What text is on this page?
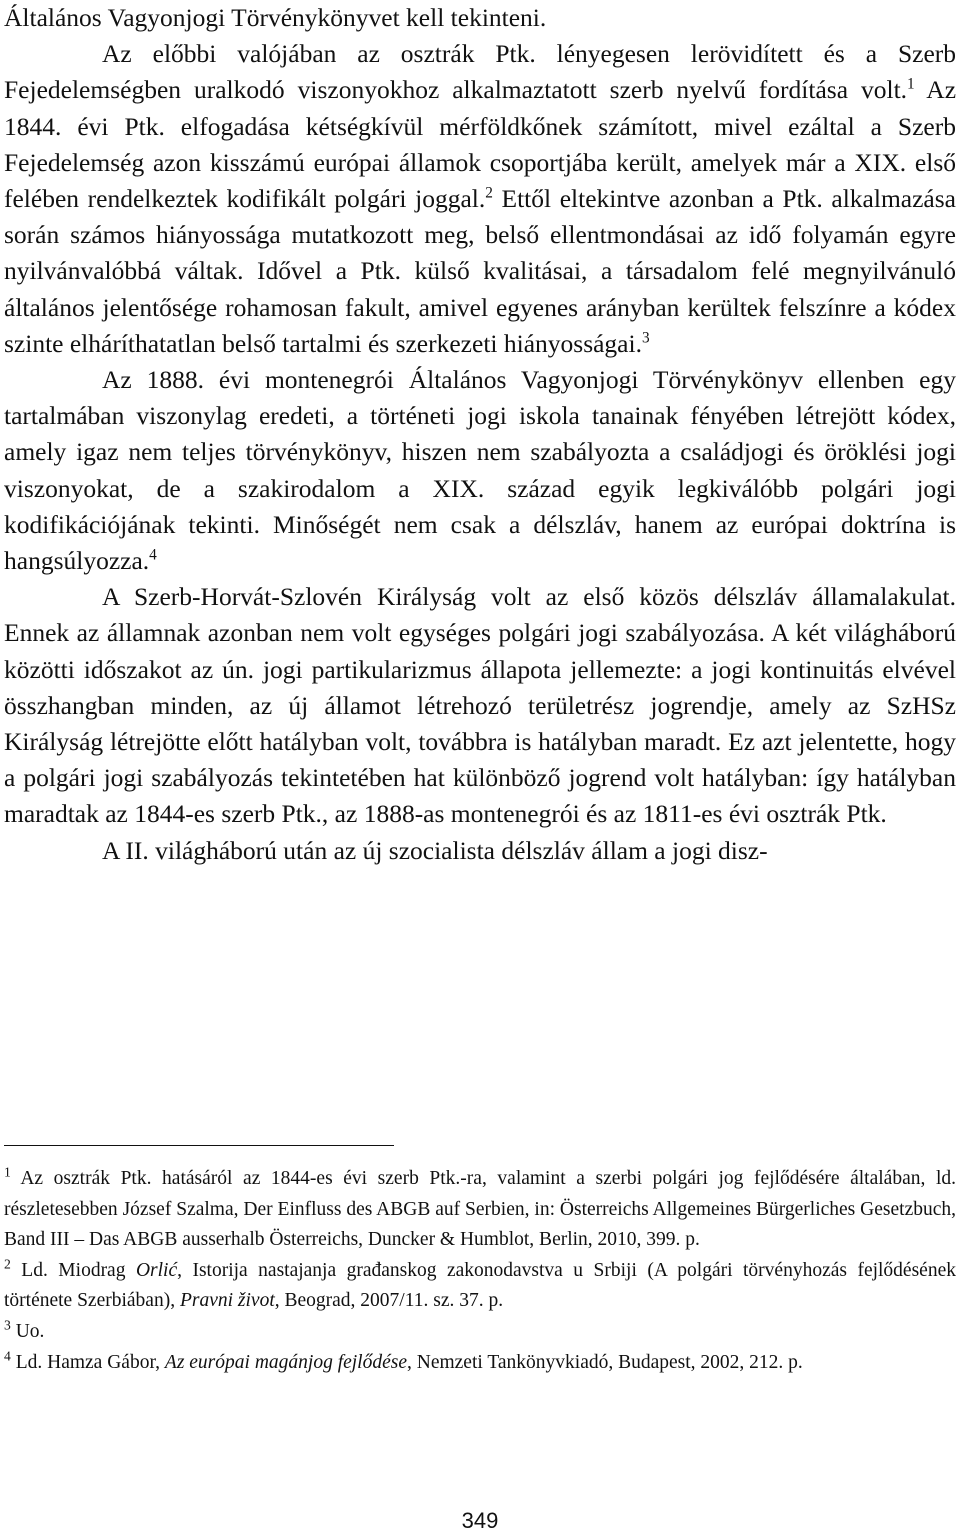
Általános Vagyonjogi Törvénykönyvet kell tekinteni.

Az előbbi valójában az osztrák Ptk. lényegesen lerövidített és a Szerb Fejedelemségben uralkodó viszonyokhoz alkalmaztatott szerb nyelvű fordítása volt.$^1$ Az 1844. évi Ptk. elfogadása kétségkívül mérföldkőnek számított, mivel ezáltal a Szerb Fejedelemség azon kisszámú európai államok csoportjába került, amelyek már a XIX. első felében rendelkeztek kodifikált polgári joggal.$^2$ Ettől eltekintve azonban a Ptk. alkalmazása során számos hiányossága mutatkozott meg, belső ellentmondásai az idő folyamán egyre nyilvánvalóbbá váltak. Idővel a Ptk. külső kvalitásai, a társadalom felé megnyilvánuló általános jelentősége rohamosan fakult, amivel egyenes arányban kerültek felszínre a kódex szinte elháríthatatlan belső tartalmi és szerkezeti hiányosságai.$^3$

Az 1888. évi montenegrói Általános Vagyonjogi Törvénykönyv ellenben egy tartalmában viszonylag eredeti, a történeti jogi iskola tanainak fényében létrejött kódex, amely igaz nem teljes törvénykönyv, hiszen nem szabályozta a családjogi és öröklési jogi viszonyokat, de a szakirodalom a XIX. század egyik legkiválóbb polgári jogi kodifikációjának tekinti. Minőségét nem csak a délszláv, hanem az európai doktrína is hangsúlyozza.$^4$

A Szerb-Horvát-Szlovén Királyság volt az első közös délszláv államalakulat. Ennek az államnak azonban nem volt egységes polgári jogi szabályozása. A két világháború közötti időszakot az ún. jogi partikularizmus állapota jellemezte: a jogi kontinuitás elvével összhangban minden, az új államot létrehozó területrész jogrendje, amely az SzHSz Királyság létrejötte előtt hatályban volt, továbbra is hatályban maradt. Ez azt jelentette, hogy a polgári jogi szabályozás tekintetében hat különböző jogrend volt hatályban: így hatályban maradtak az 1844-es szerb Ptk., az 1888-as montenegrói és az 1811-es évi osztrák Ptk.

A II. világháború után az új szocialista délszláv állam a jogi disz-

$^1$ Az osztrák Ptk. hatásáról az 1844-es évi szerb Ptk.-ra, valamint a szerbi polgári jog fejlődésére általában, ld. részletesebben József Szalma, Der Einfluss des ABGB auf Serbien, in: Österreichs Allgemeines Bürgerliches Gesetzbuch, Band III – Das ABGB ausserhalb Österreichs, Duncker & Humblot, Berlin, 2010, 399. p.

$^2$ Ld. Miodrag Orlić, Istorija nastajanja građanskog zakonodavstva u Srbiji (A polgári törvényhozás fejlődésének története Szerbiában), Pravni život, Beograd, 2007/11. sz. 37. p.

$^3$ Uo.

$^4$ Ld. Hamza Gábor, Az európai magánjog fejlődése, Nemzeti Tankönyvkiadó, Budapest, 2002, 212. p.

349
